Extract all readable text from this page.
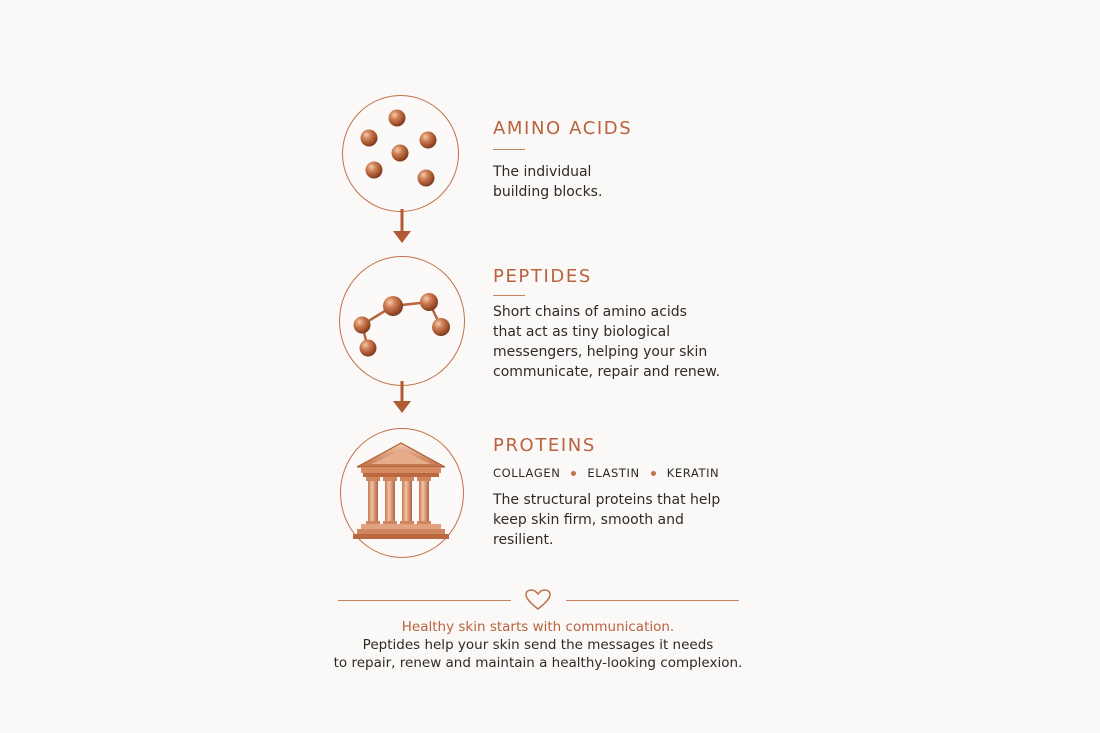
AMINO ACIDS

The individual
building blocks.

PEPTIDES

Short chains of amino acids
that act as tiny biological
messengers, helping your skin
communicate, repair and renew.

PROTEINS
COLLAGEN ELASTIN KERATIN

The structural proteins that help
keep skin firm, smooth and
resilient.

Healthy skin starts with communication.

Peptides help your skin send the messages it needs

to repair, renew and maintain a healthy-looking complexion.
